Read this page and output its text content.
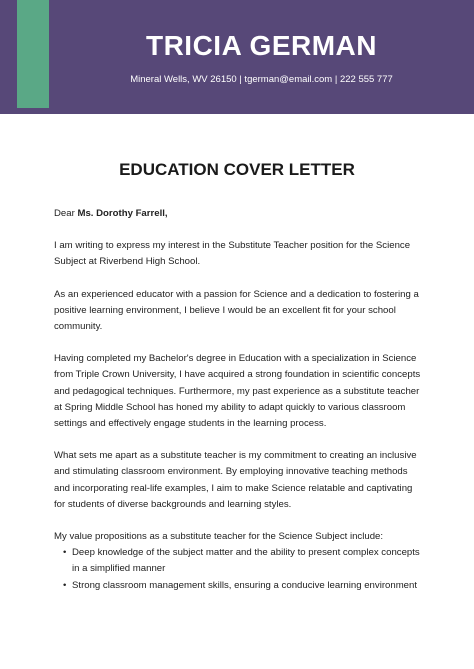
TRICIA GERMAN
Mineral Wells, WV 26150 | tgerman@email.com | 222 555 777
EDUCATION COVER LETTER

Dear Ms. Dorothy Farrell,

I am writing to express my interest in the Substitute Teacher position for the Science Subject at Riverbend High School.

As an experienced educator with a passion for Science and a dedication to fostering a positive learning environment, I believe I would be an excellent fit for your school community.

Having completed my Bachelor's degree in Education with a specialization in Science from Triple Crown University, I have acquired a strong foundation in scientific concepts and pedagogical techniques. Furthermore, my past experience as a substitute teacher at Spring Middle School has honed my ability to adapt quickly to various classroom settings and effectively engage students in the learning process.

What sets me apart as a substitute teacher is my commitment to creating an inclusive and stimulating classroom environment. By employing innovative teaching methods and incorporating real-life examples, I aim to make Science relatable and captivating for students of diverse backgrounds and learning styles.

My value propositions as a substitute teacher for the Science Subject include:

• Deep knowledge of the subject matter and the ability to present complex concepts in a simplified manner
• Strong classroom management skills, ensuring a conducive learning environment
